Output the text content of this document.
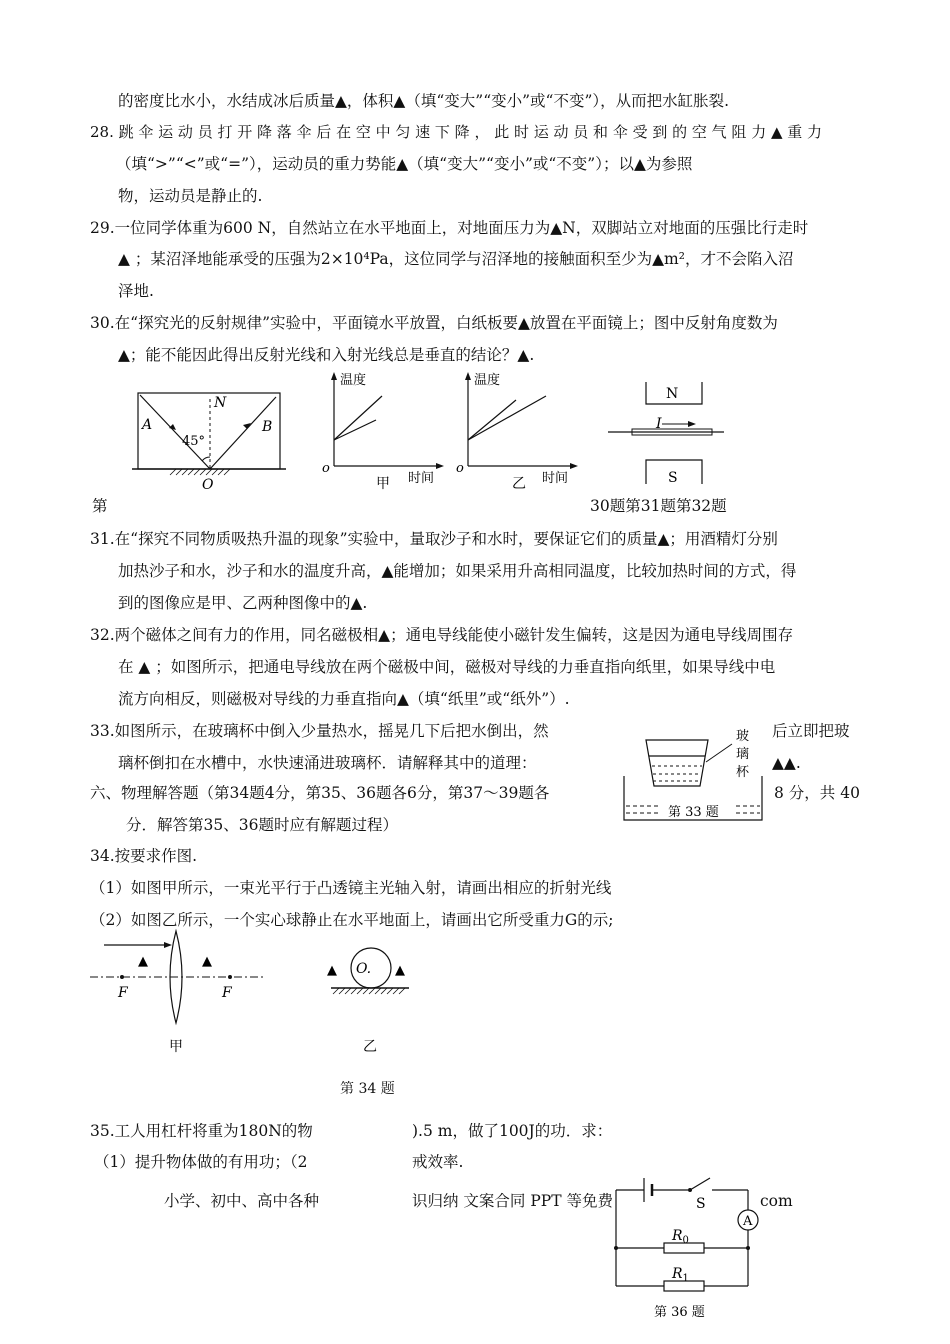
的密度比水小，水结成冰后质量▲，体积▲（填“变大”“变小”或“不变”），从而把水缸胀裂.
28. 跳 伞 运 动 员 打 开 降 落 伞 后 在 空 中 匀 速 下 降 ， 此 时 运 动 员 和 伞 受 到 的 空 气 阻 力 ▲ 重 力
（填“>”“<”或“=”），运动员的重力势能▲（填“变大”“变小”或“不变”）；以▲为参照
物，运动员是静止的.
29.一位同学体重为600 N，自然站立在水平地面上，对地面压力为▲N，双脚站立对地面的压强比行走时
▲ ；某沼泽地能承受的压强为2×10⁴Pa，这位同学与沼泽地的接触面积至少为▲m²，才不会陷入沼
泽地.
30.在“探究光的反射规律”实验中，平面镜水平放置，白纸板要▲放置在平面镜上；图中反射角度数为
▲；能不能因此得出反射光线和入射光线总是垂直的结论？▲.
第	30题第31题第32题
31.在“探究不同物质吸热升温的现象”实验中，量取沙子和水时，要保证它们的质量▲；用酒精灯分别
加热沙子和水，沙子和水的温度升高，▲能增加；如果采用升高相同温度，比较加热时间的方式，得
到的图像应是甲、乙两种图像中的▲.
32.两个磁体之间有力的作用，同名磁极相▲；通电导线能使小磁针发生偏转，这是因为通电导线周围存
在 ▲ ；如图所示，把通电导线放在两个磁极中间，磁极对导线的力垂直指向纸里，如果导线中电
流方向相反，则磁极对导线的力垂直指向▲（填“纸里”或“纸外”）.
33.如图所示，在玻璃杯中倒入少量热水，摇晃几下后把水倒出，然	后立即把玻
璃杯倒扣在水槽中，水快速涌进玻璃杯．请解释其中的道理：	▲▲.
六、物理解答题（第34题4分，第35、36题各6分，第37～39题各	8 分，共 40
分．解答第35、36题时应有解题过程）
34.按要求作图.
（1）如图甲所示，一束光平行于凸透镜主光轴入射，请画出相应的折射光线
（2）如图乙所示，一个实心球静止在水平地面上，请画出它所受重力G的示;
35.工人用杠杆将重为180N的物	).5 m，做了100J的功．求：
（1）提升物体做的有用功；（2	戒效率.
小学、初中、高中各种	识归纳 文案合同 PPT 等免费	com
A
N
B
O
45°
温度
o
时间
甲
温度
o
时间
乙
N
S
I
玻
璃
杯
第 33 题
▲	▲
F	F
甲
O.
▲	▲
乙
第 34 题
S
A
$R_0$
$R_1$
第 36 题
